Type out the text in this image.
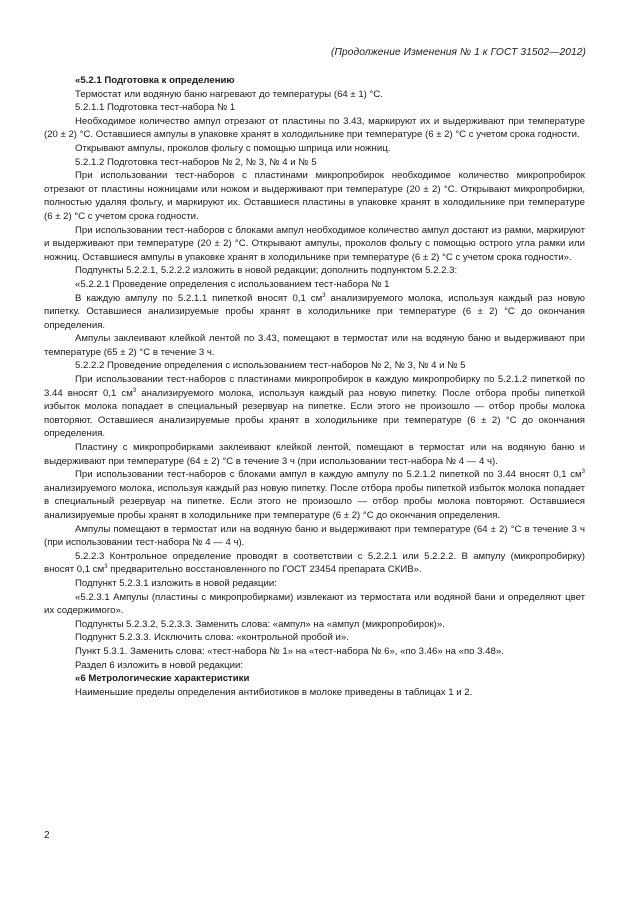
(Продолжение Изменения № 1 к ГОСТ 31502—2012)

«5.2.1 Подготовка к определению

Термостат или водяную баню нагревают до температуры (64 ± 1) °С.

5.2.1.1 Подготовка тест-набора № 1

Необходимое количество ампул отрезают от пластины по 3.43, маркируют их и выдерживают при температуре (20 ± 2) °С. Оставшиеся ампулы в упаковке хранят в холодильнике при температуре (6 ± 2) °С с учетом срока годности.

Открывают ампулы, проколов фольгу с помощью шприца или ножниц.

5.2.1.2 Подготовка тест-наборов № 2, № 3, № 4 и № 5

При использовании тест-наборов с пластинами микропробирок необходимое количество микропробирок отрезают от пластины ножницами или ножом и выдерживают при температуре (20 ± 2) °С. Открывают микропробирки, полностью удаляя фольгу, и маркируют их. Оставшиеся пластины в упаковке хранят в холодильнике при температуре (6 ± 2) °С с учетом срока годности.

При использовании тест-наборов с блоками ампул необходимое количество ампул достают из рамки, маркируют и выдерживают при температуре (20 ± 2) °С. Открывают ампулы, проколов фольгу с помощью острого угла рамки или ножниц. Оставшиеся ампулы в упаковке хранят в холодильнике при температуре (6 ± 2) °С с учетом срока годности».

Подпункты 5.2.2.1, 5.2.2.2 изложить в новой редакции; дополнить подпунктом 5.2.2.3:

«5.2.2.1 Проведение определения с использованием тест-набора № 1

В каждую ампулу по 5.2.1.1 пипеткой вносят 0,1 $см^3$ анализируемого молока, используя каждый раз новую пипетку. Оставшиеся анализируемые пробы хранят в холодильнике при температуре (6 ± 2) °С до окончания определения.

Ампулы заклеивают клейкой лентой по 3.43, помещают в термостат или на водяную баню и выдерживают при температуре (65 ± 2) °С в течение 3 ч.

5.2.2.2 Проведение определения с использованием тест-наборов № 2, № 3, № 4 и № 5

При использовании тест-наборов с пластинами микропробирок в каждую микропробирку по 5.2.1.2 пипеткой по 3.44 вносят 0,1 $см^3$ анализируемого молока, используя каждый раз новую пипетку. После отбора пробы пипеткой избыток молока попадает в специальный резервуар на пипетке. Если этого не произошло — отбор пробы молока повторяют. Оставшиеся анализируемые пробы хранят в холодильнике при температуре (6 ± 2) °С до окончания определения.

Пластину с микропробирками заклеивают клейкой лентой, помещают в термостат или на водяную баню и выдерживают при температуре (64 ± 2) °С в течение 3 ч (при использовании тест-набора № 4 — 4 ч).

При использовании тест-наборов с блоками ампул в каждую ампулу по 5.2.1.2 пипеткой по 3.44 вносят 0,1 $см^3$ анализируемого молока, используя каждый раз новую пипетку. После отбора пробы пипеткой избыток молока попадает в специальный резервуар на пипетке. Если этого не произошло — отбор пробы молока повторяют. Оставшиеся анализируемые пробы хранят в холодильнике при температуре (6 ± 2) °С до окончания определения.

Ампулы помещают в термостат или на водяную баню и выдерживают при температуре (64 ± 2) °С в течение 3 ч (при использовании тест-набора № 4 — 4 ч).

5.2.2.3 Контрольное определение проводят в соответствии с 5.2.2.1 или 5.2.2.2. В ампулу (микропробирку) вносят 0,1 $см^3$ предварительно восстановленного по ГОСТ 23454 препарата СКИВ».

Подпункт 5.2.3.1 изложить в новой редакции:

«5.2.3.1 Ампулы (пластины с микропробирками) извлекают из термостата или водяной бани и определяют цвет их содержимого».

Подпункты 5.2.3.2, 5.2.3.3. Заменить слова: «ампул» на «ампул (микропробирок)».

Подпункт 5.2.3.3. Исключить слова: «контрольной пробой и».

Пункт 5.3.1. Заменить слова: «тест-набора № 1» на «тест-набора № 6», «по 3.46» на «по 3.48».

Раздел 6 изложить в новой редакции:

«6 Метрологические характеристики

Наименьшие пределы определения антибиотиков в молоке приведены в таблицах 1 и 2.

2
